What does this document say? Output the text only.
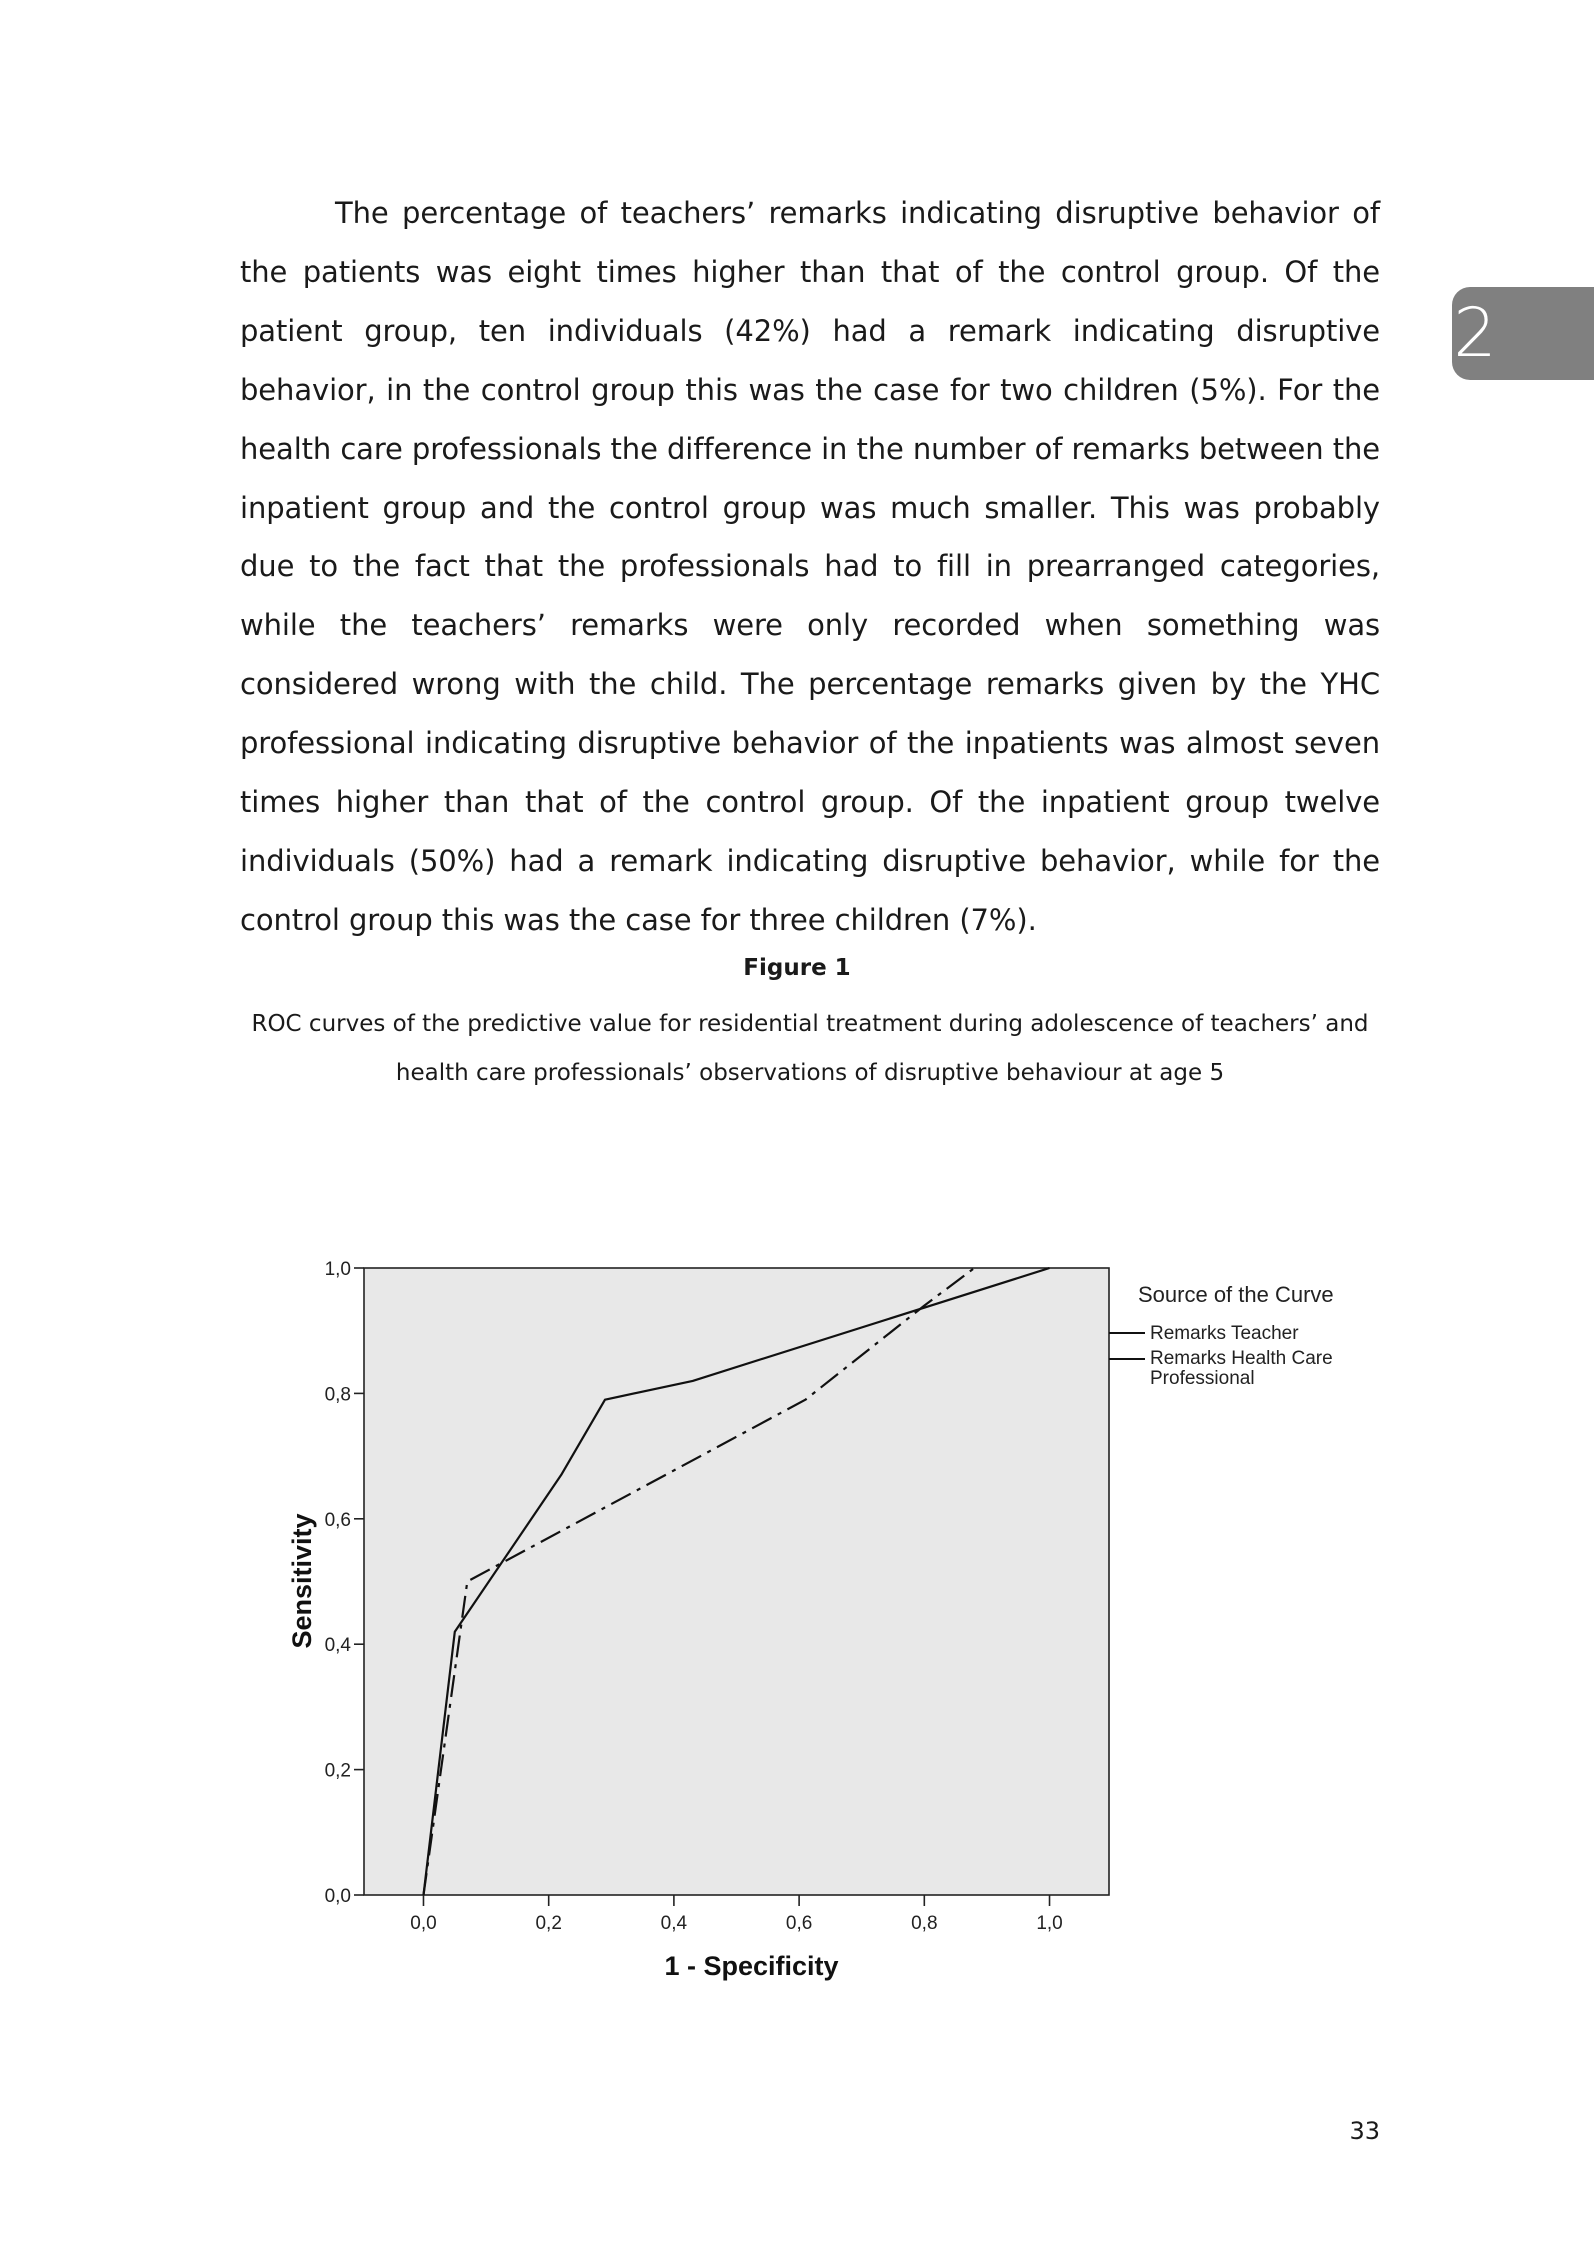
The percentage of teachers’ remarks indicating disruptive behavior of the patients was eight times higher than that of the control group. Of the patient group, ten individuals (42%) had a remark indicating disruptive behavior, in the control group this was the case for two children (5%). For the health care professionals the difference in the number of remarks between the inpatient group and the control group was much smaller. This was probably due to the fact that the professionals had to fill in prearranged categories, while the teachers’ remarks were only recorded when something was considered wrong with the child. The percentage remarks given by the YHC professional indicating disruptive behavior of the inpatients was almost seven times higher than that of the control group. Of the inpatient group twelve individuals (50%) had a remark indicating disruptive behavior, while for the control group this was the case for three children (7%).

2
Figure 1
ROC curves of the predictive value for residential treatment during adolescence of teachers’ and health care professionals’ observations of disruptive behaviour at age 5
0,0
0,2
0,4
0,6
0,8
1,0
0,0	0,2	0,4	0,6	0,8	1,0
1 - Specificity
Sensitivity
Source of the Curve
Remarks Teacher
Remarks Health Care Professional
33
